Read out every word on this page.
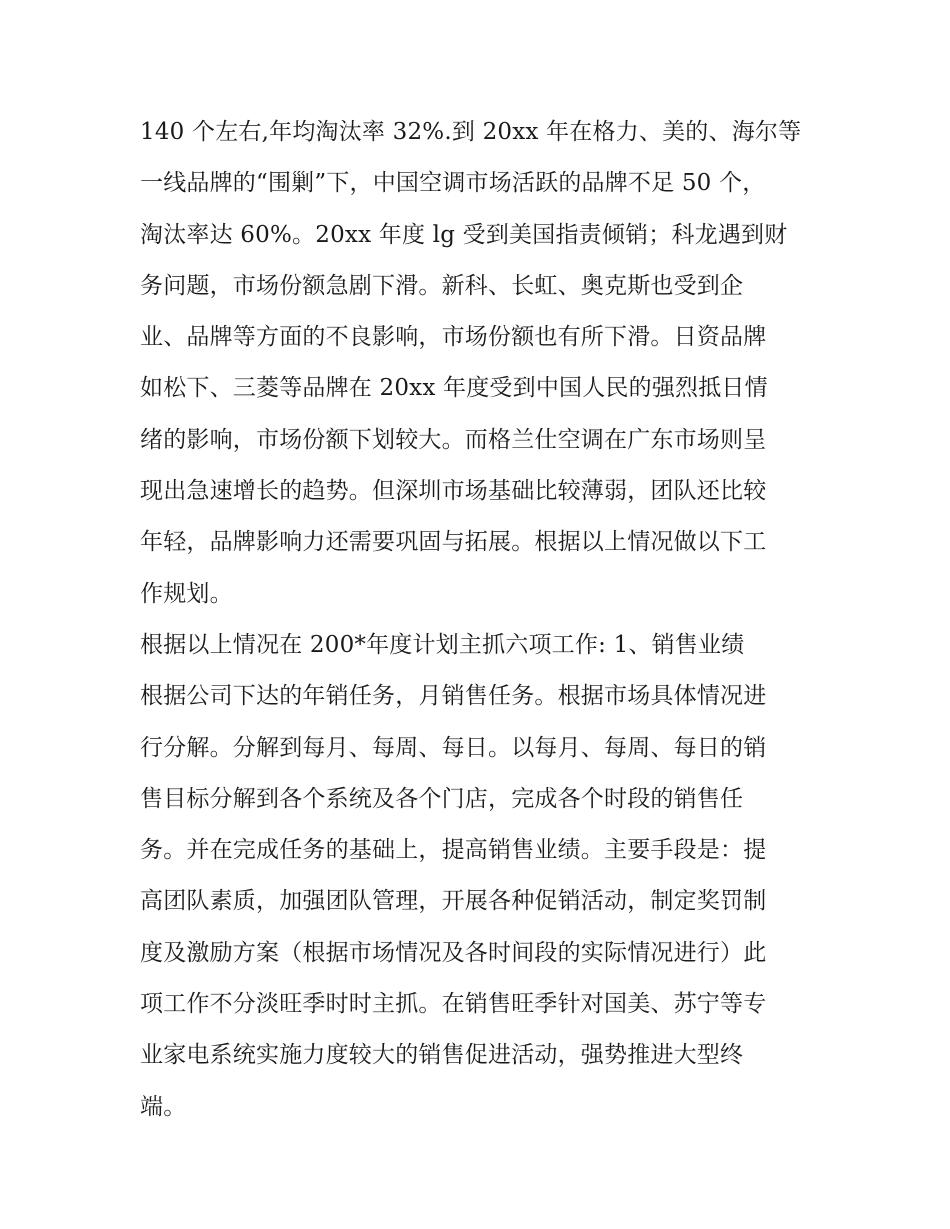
140 个左右,年均淘汰率 32%.到 20xx 年在格力、美的、海尔等
一线品牌的“围剿”下，中国空调市场活跃的品牌不足 50 个，
淘汰率达 60%。20xx 年度 lg 受到美国指责倾销；科龙遇到财
务问题，市场份额急剧下滑。新科、长虹、奥克斯也受到企
业、品牌等方面的不良影响，市场份额也有所下滑。日资品牌
如松下、三菱等品牌在 20xx 年度受到中国人民的强烈抵日情
绪的影响，市场份额下划较大。而格兰仕空调在广东市场则呈
现出急速增长的趋势。但深圳市场基础比较薄弱，团队还比较
年轻，品牌影响力还需要巩固与拓展。根据以上情况做以下工
作规划。
根据以上情况在 200*年度计划主抓六项工作: 1、销售业绩
根据公司下达的年销任务，月销售任务。根据市场具体情况进
行分解。分解到每月、每周、每日。以每月、每周、每日的销
售目标分解到各个系统及各个门店，完成各个时段的销售任
务。并在完成任务的基础上，提高销售业绩。主要手段是：提
高团队素质，加强团队管理，开展各种促销活动，制定奖罚制
度及激励方案（根据市场情况及各时间段的实际情况进行）此
项工作不分淡旺季时时主抓。在销售旺季针对国美、苏宁等专
业家电系统实施力度较大的销售促进活动，强势推进大型终
端。
